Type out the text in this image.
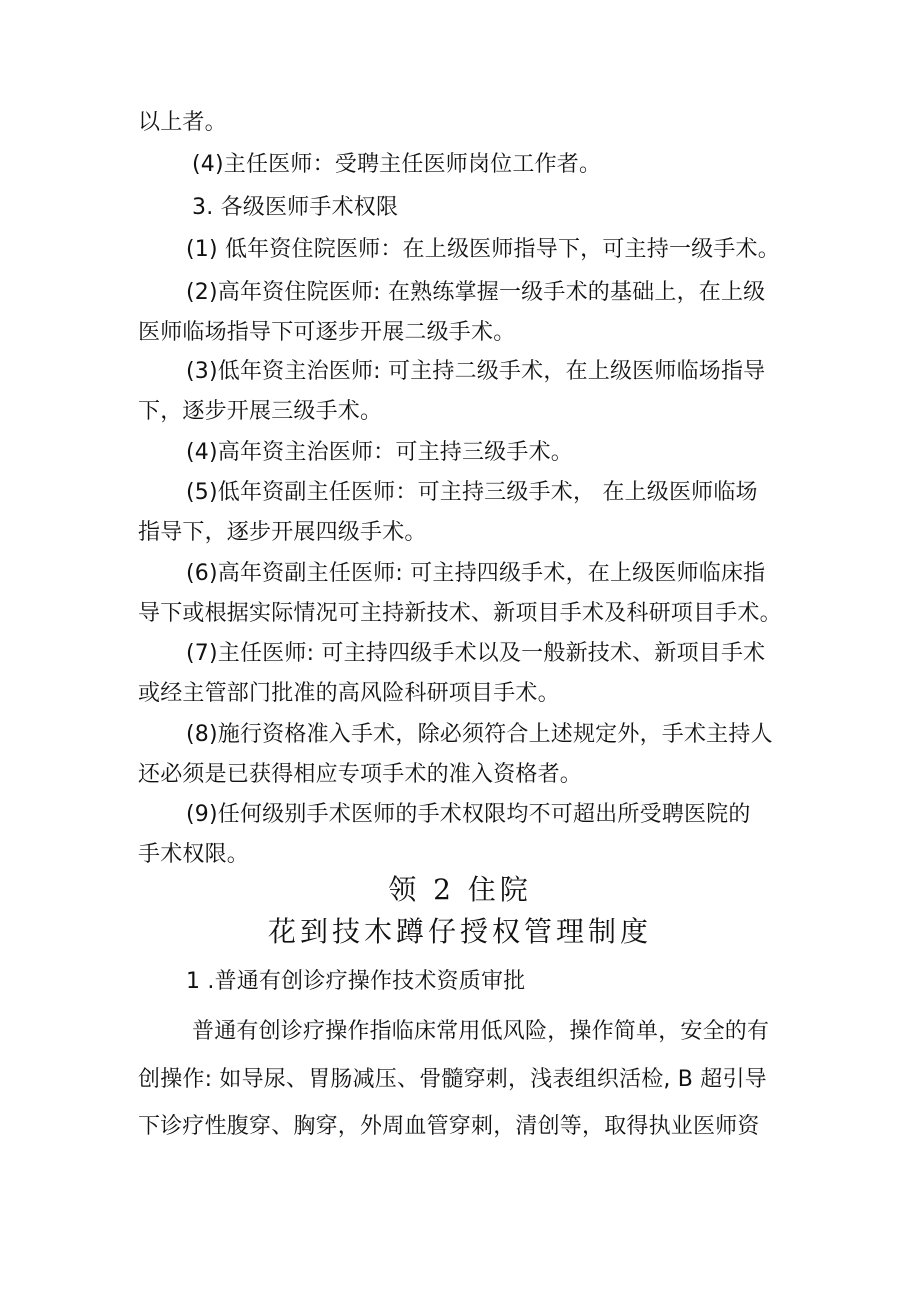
以上者。
(4)主任医师：受聘主任医师岗位工作者。
3. 各级医师手术权限
(1) 低年资住院医师：在上级医师指导下，可主持一级手术。
(2)高年资住院医师: 在熟练掌握一级手术的基础上，在上级
医师临场指导下可逐步开展二级手术。
(3)低年资主治医师: 可主持二级手术，在上级医师临场指导
下，逐步开展三级手术。
(4)高年资主治医师：可主持三级手术。
(5)低年资副主任医师：可主持三级手术， 在上级医师临场
指导下，逐步开展四级手术。
(6)高年资副主任医师: 可主持四级手术，在上级医师临床指
导下或根据实际情况可主持新技术、新项目手术及科研项目手术。
(7)主任医师: 可主持四级手术以及一般新技术、新项目手术
或经主管部门批准的高风险科研项目手术。
(8)施行资格准入手术，除必须符合上述规定外，手术主持人
还必须是已获得相应专项手术的准入资格者。
(9)任何级别手术医师的手术权限均不可超出所受聘医院的
手术权限。
领 2 住院
花到技木蹲仔授权管理制度
1 .普通有创诊疗操作技术资质审批
普通有创诊疗操作指临床常用低风险，操作简单，安全的有
创操作: 如导尿、胃肠减压、骨髓穿刺，浅表组织活检, B 超引导
下诊疗性腹穿、胸穿，外周血管穿刺，清创等，取得执业医师资
